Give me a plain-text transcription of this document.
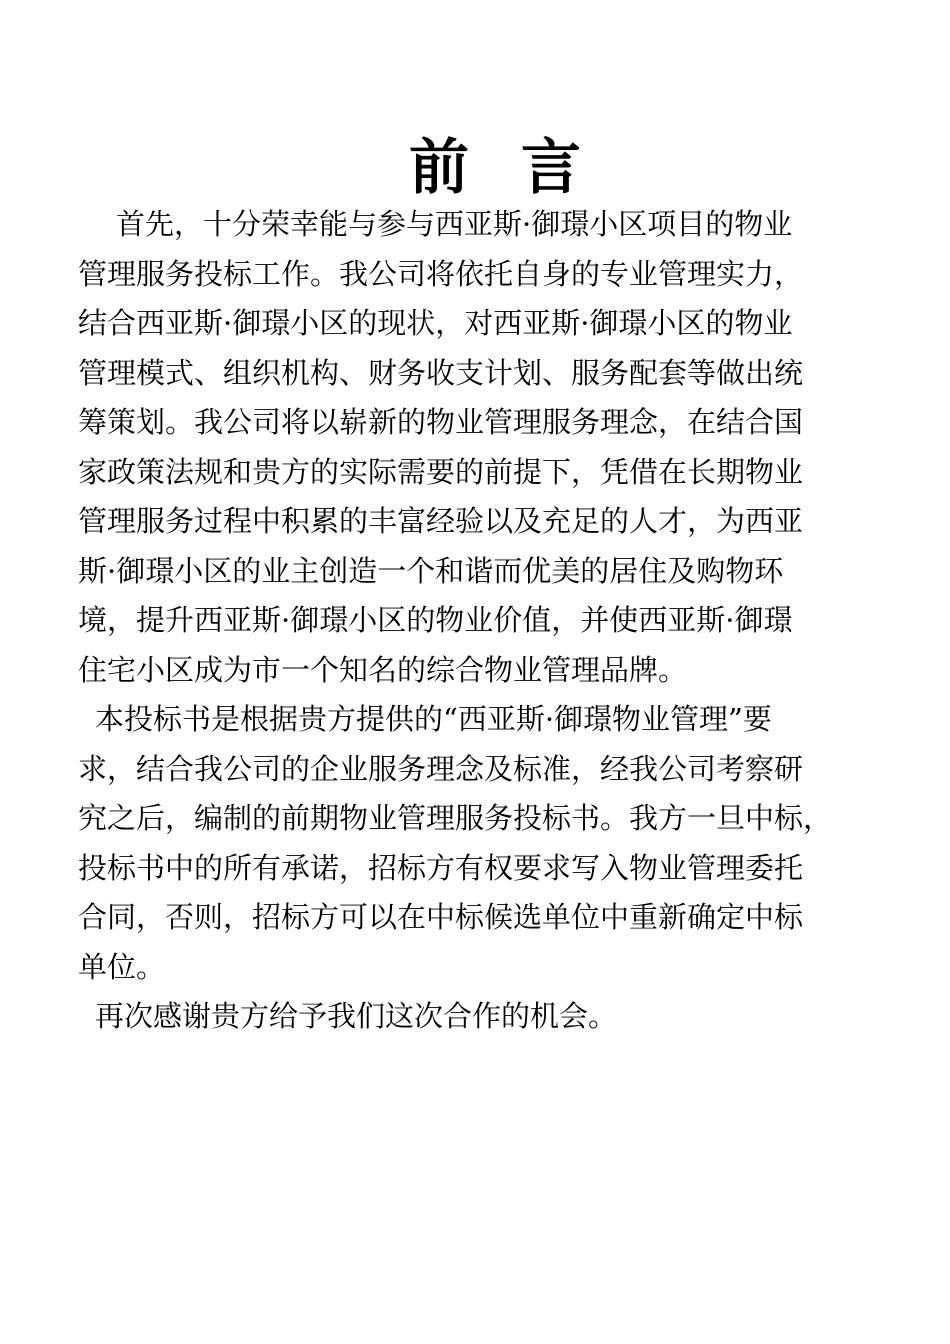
前 言
首先，十分荣幸能与参与西亚斯·御璟小区项目的物业
管理服务投标工作。我公司将依托自身的专业管理实力，
结合西亚斯·御璟小区的现状，对西亚斯·御璟小区的物业
管理模式、组织机构、财务收支计划、服务配套等做出统
筹策划。我公司将以崭新的物业管理服务理念，在结合国
家政策法规和贵方的实际需要的前提下，凭借在长期物业
管理服务过程中积累的丰富经验以及充足的人才，为西亚
斯·御璟小区的业主创造一个和谐而优美的居住及购物环
境，提升西亚斯·御璟小区的物业价值，并使西亚斯·御璟
住宅小区成为市一个知名的综合物业管理品牌。
本投标书是根据贵方提供的“西亚斯·御璟物业管理”要
求，结合我公司的企业服务理念及标准，经我公司考察研
究之后，编制的前期物业管理服务投标书。我方一旦中标，
投标书中的所有承诺，招标方有权要求写入物业管理委托
合同，否则，招标方可以在中标候选单位中重新确定中标
单位。
再次感谢贵方给予我们这次合作的机会。
